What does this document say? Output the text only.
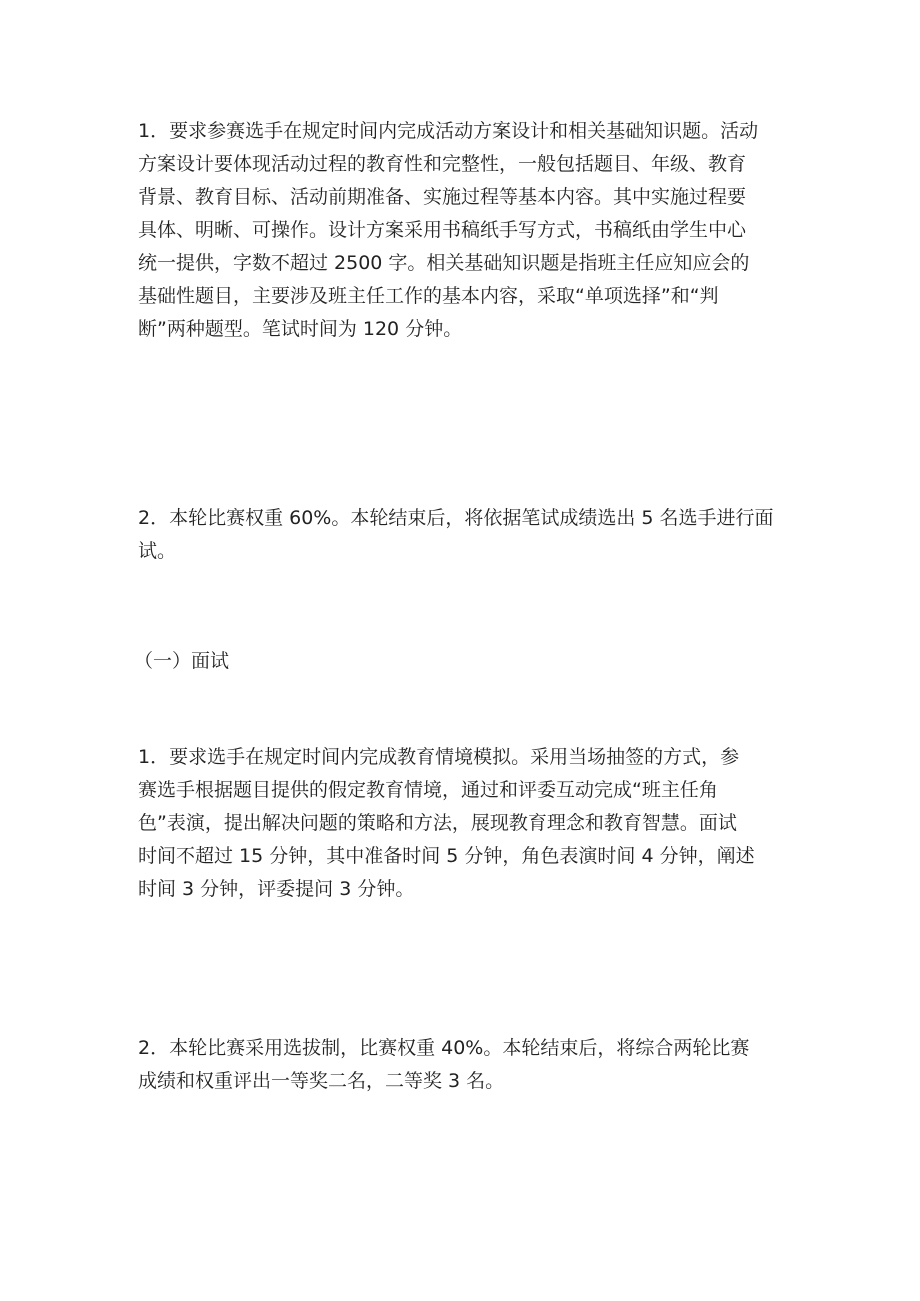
1．要求参赛选手在规定时间内完成活动方案设计和相关基础知识题。活动
方案设计要体现活动过程的教育性和完整性，一般包括题目、年级、教育
背景、教育目标、活动前期准备、实施过程等基本内容。其中实施过程要
具体、明晰、可操作。设计方案采用书稿纸手写方式，书稿纸由学生中心
统一提供，字数不超过 2500 字。相关基础知识题是指班主任应知应会的
基础性题目，主要涉及班主任工作的基本内容，采取“单项选择”和“判
断”两种题型。笔试时间为 120 分钟。
2．本轮比赛权重 60%。本轮结束后，将依据笔试成绩选出 5 名选手进行面
试。
（一）面试
1．要求选手在规定时间内完成教育情境模拟。采用当场抽签的方式，参
赛选手根据题目提供的假定教育情境，通过和评委互动完成“班主任角
色”表演，提出解决问题的策略和方法，展现教育理念和教育智慧。面试
时间不超过 15 分钟，其中准备时间 5 分钟，角色表演时间 4 分钟，阐述
时间 3 分钟，评委提问 3 分钟。
2．本轮比赛采用选拔制，比赛权重 40%。本轮结束后，将综合两轮比赛
成绩和权重评出一等奖二名，二等奖 3 名。
